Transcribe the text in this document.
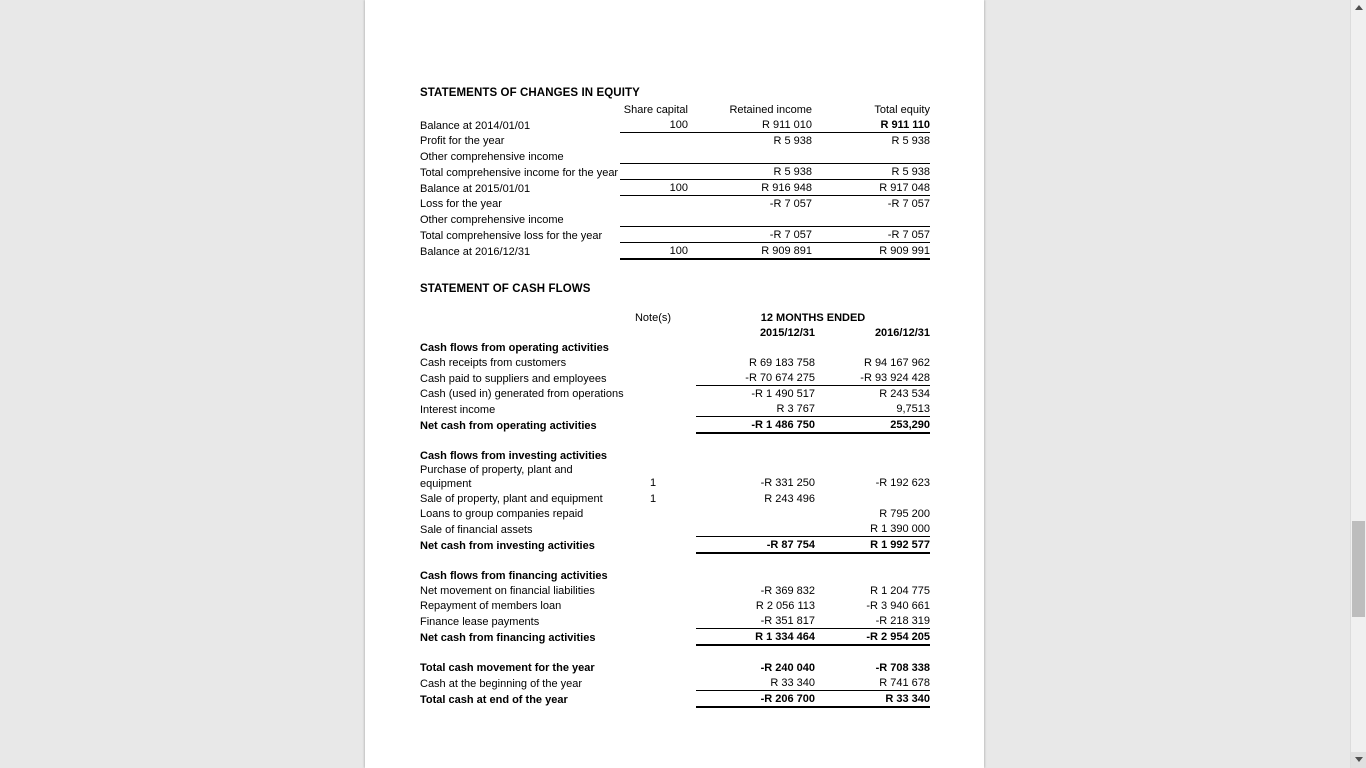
STATEMENTS OF CHANGES IN EQUITY
	Share capital	Retained income	Total equity
Balance at 2014/01/01	100	R 911 010	R 911 110
Profit for the year		R 5 938	R 5 938
Other comprehensive income			
Total comprehensive income for the year		R 5 938	R 5 938
Balance at 2015/01/01	100	R 916 948	R 917 048
Loss for the year		-R 7 057	-R 7 057
Other comprehensive income			
Total comprehensive loss for the year		-R 7 057	-R 7 057
Balance at 2016/12/31	100	R 909 891	R 909 991

STATEMENT OF CASH FLOWS
	Note(s)	12 MONTHS ENDED	
		2015/12/31	2016/12/31
Cash flows from operating activities			
Cash receipts from customers		R 69 183 758	R 94 167 962
Cash paid to suppliers and employees		-R 70 674 275	-R 93 924 428
Cash (used in) generated from operations		-R 1 490 517	R 243 534
Interest income		R 3 767	9,7513
Net cash from operating activities		-R 1 486 750	253,290

Cash flows from investing activities			
Purchase of property, plant and equipment	1	-R 331 250	-R 192 623

Sale of property, plant and equipment	1	R 243 496	
Loans to group companies repaid			R 795 200
Sale of financial assets			R 1 390 000
Net cash from investing activities		-R 87 754	R 1 992 577

Cash flows from financing activities			
Net movement on financial liabilities		-R 369 832	R 1 204 775
Repayment of members loan		R 2 056 113	-R 3 940 661
Finance lease payments		-R 351 817	-R 218 319
Net cash from financing activities		R 1 334 464	-R 2 954 205

Total cash movement for the year		-R 240 040	-R 708 338
Cash at the beginning of the year		R 33 340	R 741 678
Total cash at end of the year		-R 206 700	R 33 340
